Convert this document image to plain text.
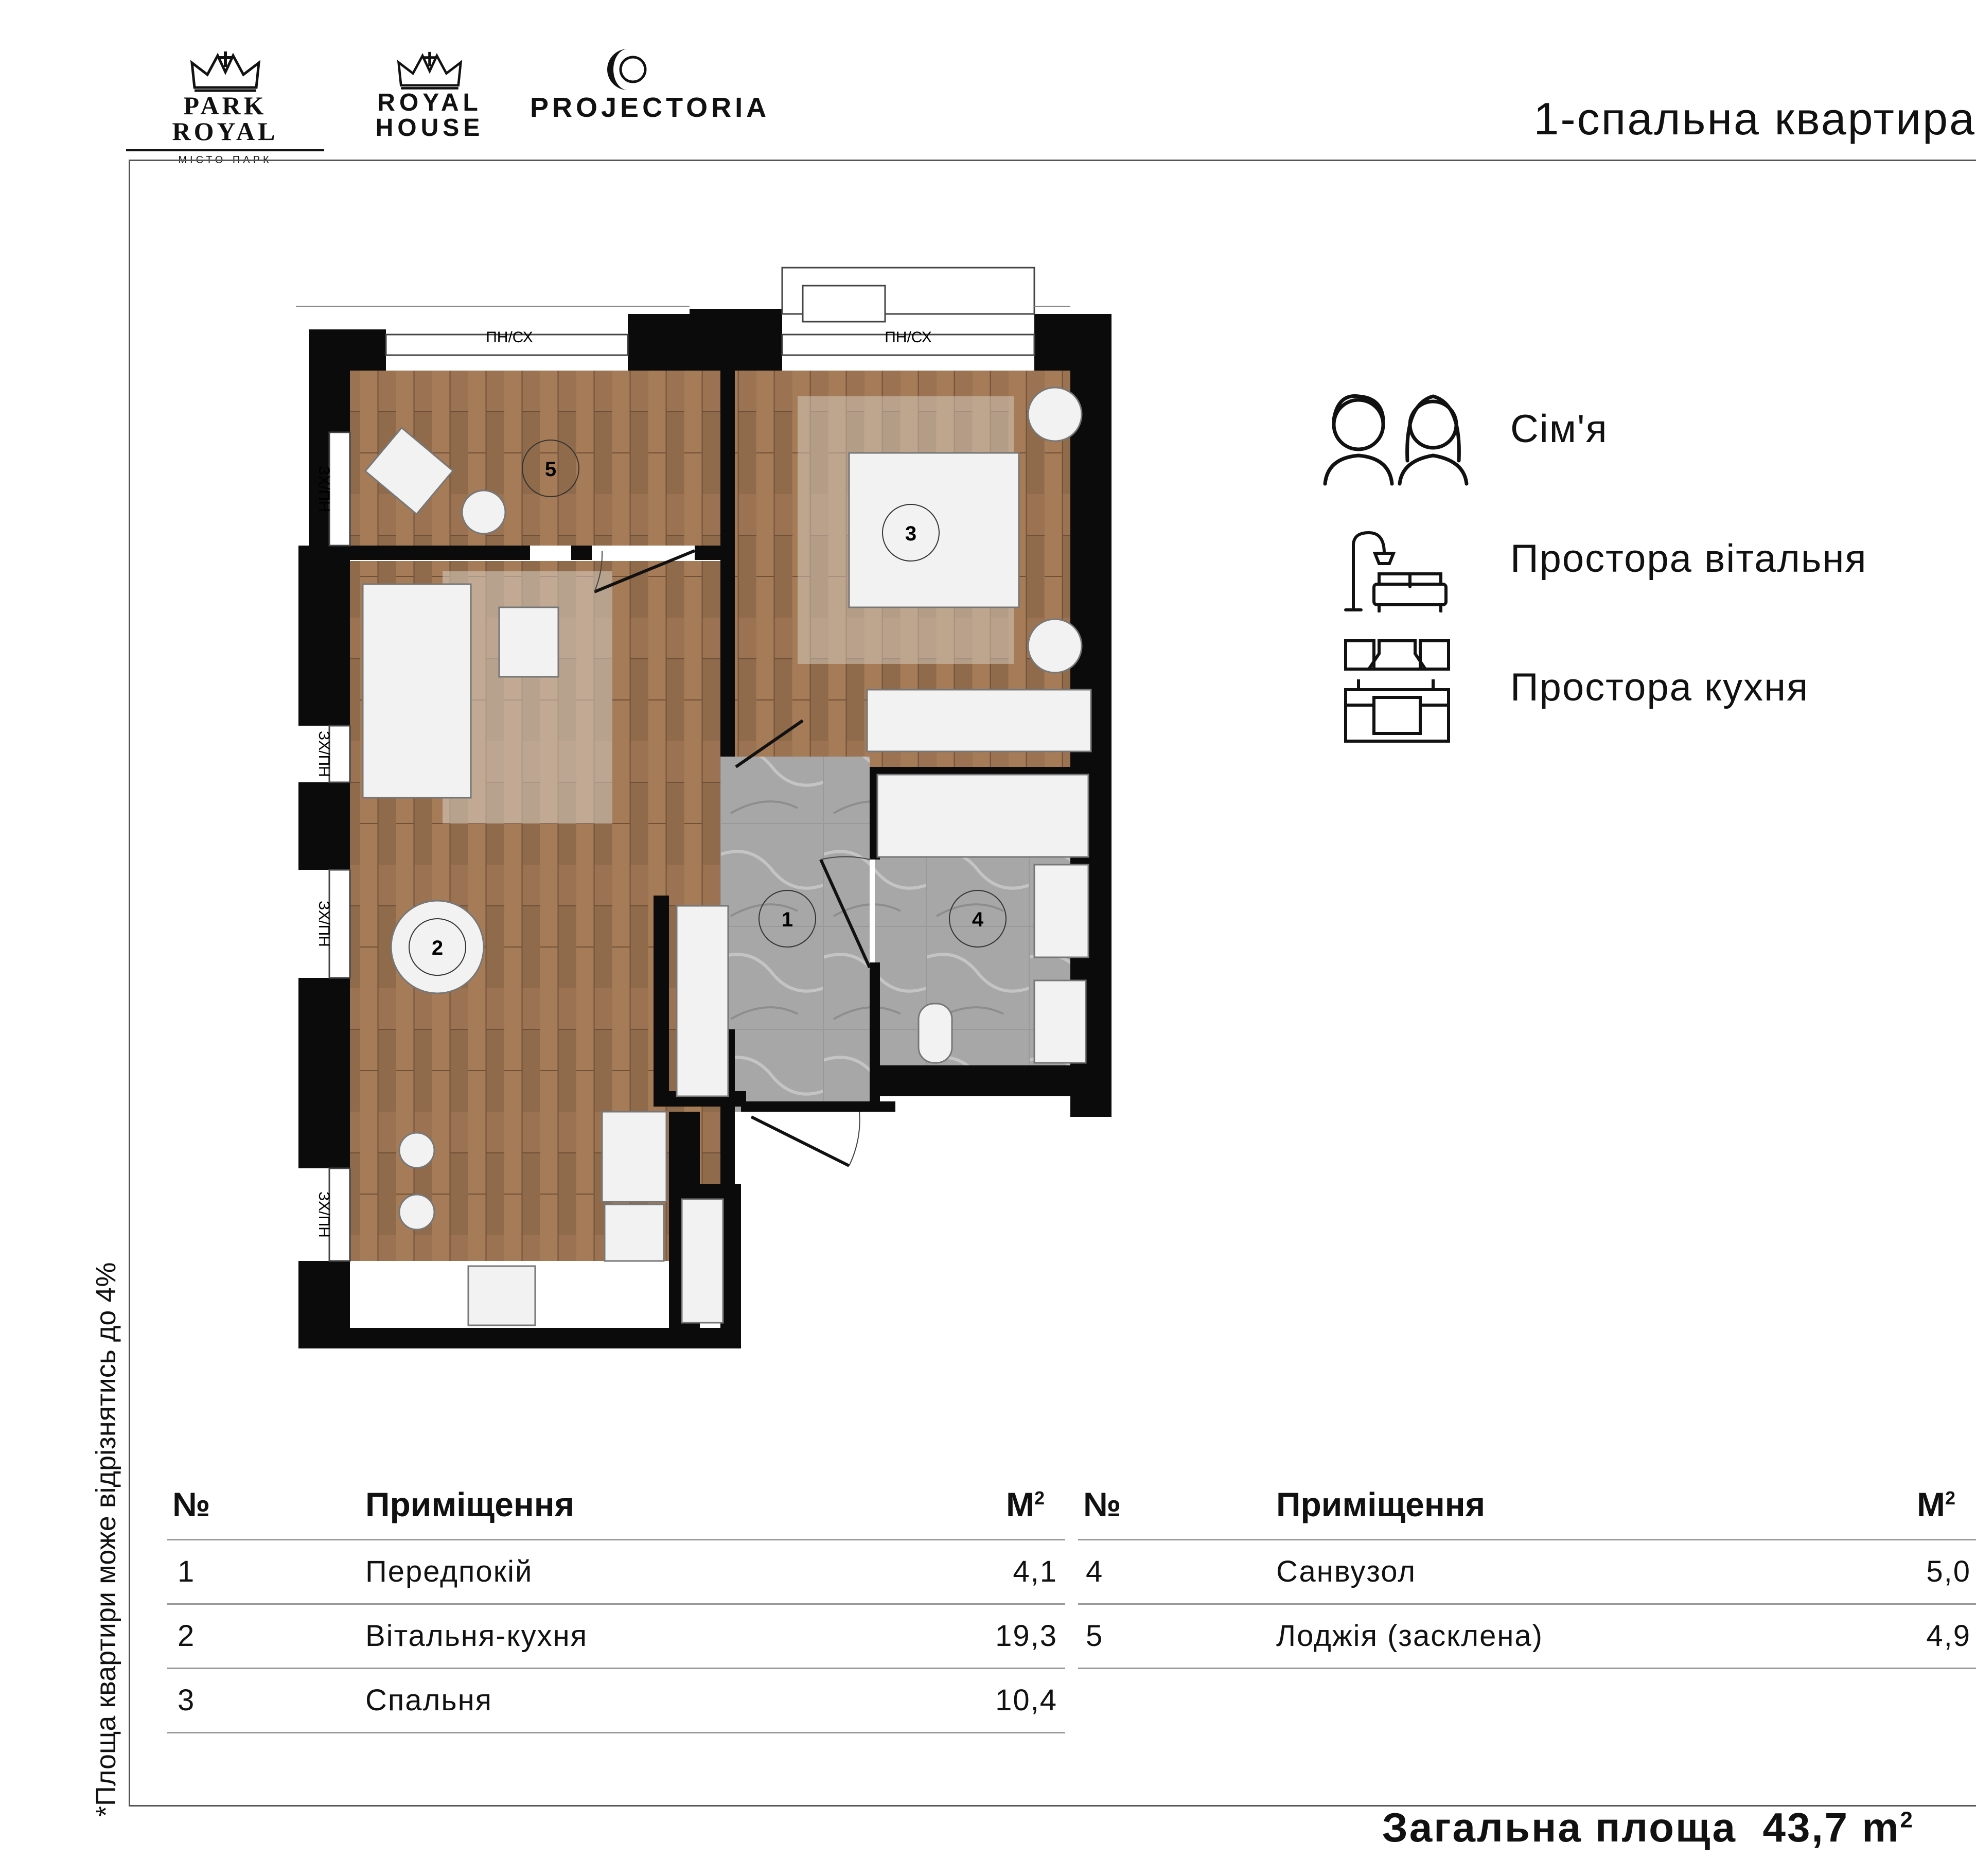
PARK ROYAL
МІСТО-ПАРК
ROYAL
HOUSE
PROJECTORIA	1-спальна квартира
*Площа квартири може відрізнятись до 4%
ПН/СХ	ПН/СХ
ЗХ/ПН
ЗХ/ПН
ЗХ/ПН
ЗХ/ПН
5
3
2
1	4
Сім'я
Простора вітальня
Простора кухня
№	Приміщення	$М^2$
1	Передпокій	4,1
2	Вітальня-кухня	19,3
3	Спальня	10,4
№	Приміщення	$М^2$
4	Санвузол	5,0
5	Лоджія (засклена)	4,9
Загальна площа 43,7 $m^2$
